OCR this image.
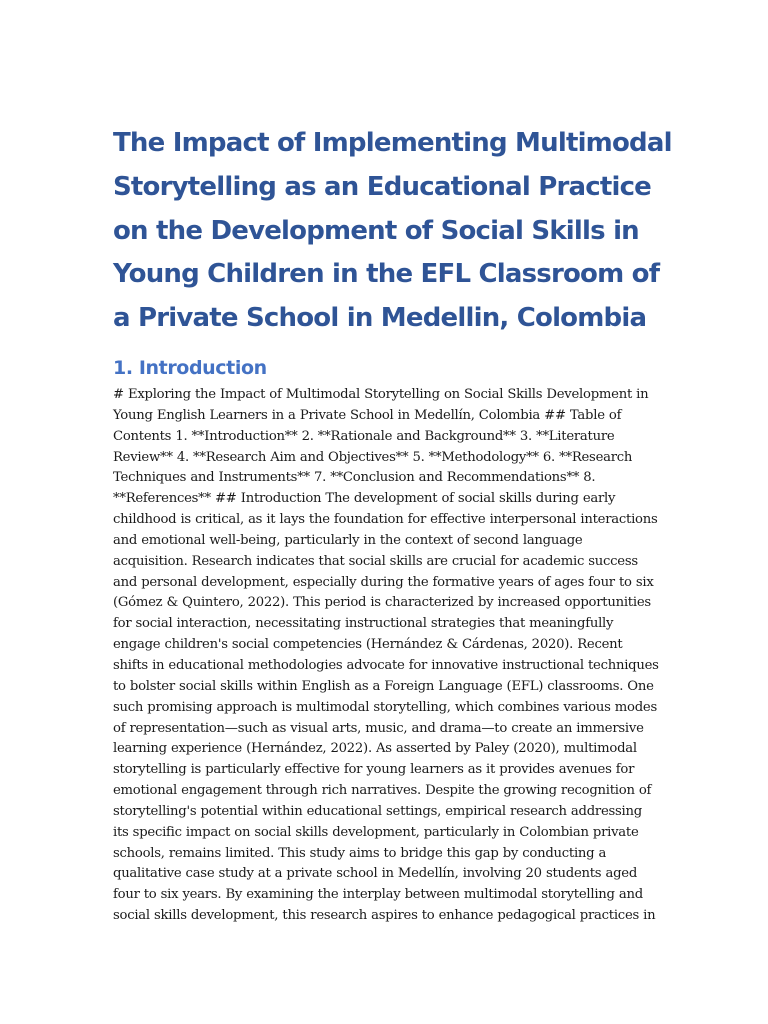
The Impact of Implementing Multimodal Storytelling as an Educational Practice on the Development of Social Skills in Young Children in the EFL Classroom of a Private School in Medellin, Colombia
1. Introduction

# Exploring the Impact of Multimodal Storytelling on Social Skills Development in Young English Learners in a Private School in Medellín, Colombia ## Table of Contents 1. **Introduction** 2. **Rationale and Background** 3. **Literature Review** 4. **Research Aim and Objectives** 5. **Methodology** 6. **Research Techniques and Instruments** 7. **Conclusion and Recommendations** 8. **References** ## Introduction The development of social skills during early childhood is critical, as it lays the foundation for effective interpersonal interactions and emotional well-being, particularly in the context of second language acquisition. Research indicates that social skills are crucial for academic success and personal development, especially during the formative years of ages four to six (Gómez & Quintero, 2022). This period is characterized by increased opportunities for social interaction, necessitating instructional strategies that meaningfully engage children's social competencies (Hernández & Cárdenas, 2020). Recent shifts in educational methodologies advocate for innovative instructional techniques to bolster social skills within English as a Foreign Language (EFL) classrooms. One such promising approach is multimodal storytelling, which combines various modes of representation—such as visual arts, music, and drama—to create an immersive learning experience (Hernández, 2022). As asserted by Paley (2020), multimodal storytelling is particularly effective for young learners as it provides avenues for emotional engagement through rich narratives. Despite the growing recognition of storytelling's potential within educational settings, empirical research addressing its specific impact on social skills development, particularly in Colombian private schools, remains limited. This study aims to bridge this gap by conducting a qualitative case study at a private school in Medellín, involving 20 students aged four to six years. By examining the interplay between multimodal storytelling and social skills development, this research aspires to enhance pedagogical practices in
